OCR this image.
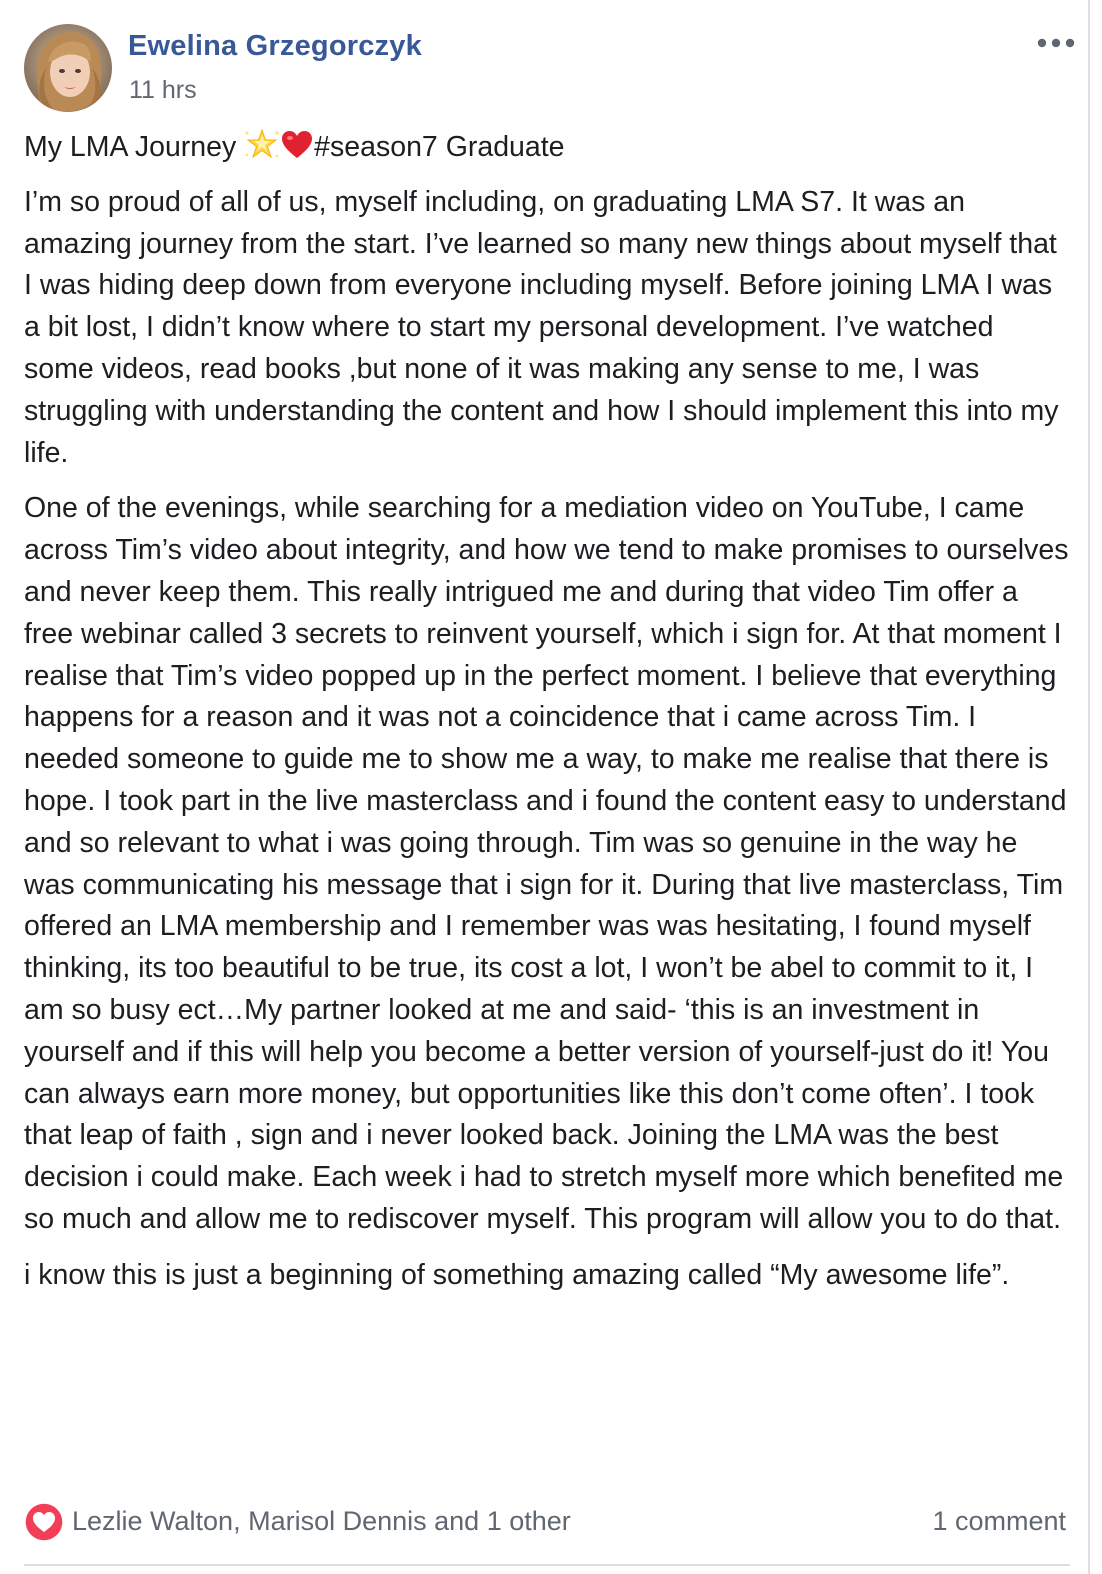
Ewelina Grzegorczyk
11 hrs

My LMA Journey #season7 Graduate

I’m so proud of all of us, myself including, on graduating LMA S7. It was an amazing journey from the start. I’ve learned so many new things about myself that I was hiding deep down from everyone including myself. Before joining LMA I was a bit lost, I didn’t know where to start my personal development. I’ve watched some videos, read books ,but none of it was making any sense to me, I was struggling with understanding the content and how I should implement this into my life.

One of the evenings, while searching for a mediation video on YouTube, I came across Tim’s video about integrity, and how we tend to make promises to ourselves and never keep them. This really intrigued me and during that video Tim offer a free webinar called 3 secrets to reinvent yourself, which i sign for. At that moment I realise that Tim’s video popped up in the perfect moment. I believe that everything happens for a reason and it was not a coincidence that i came across Tim. I needed someone to guide me to show me a way, to make me realise that there is hope. I took part in the live masterclass and i found the content easy to understand and so relevant to what i was going through. Tim was so genuine in the way he was communicating his message that i sign for it. During that live masterclass, Tim offered an LMA membership and I remember was was hesitating, I found myself thinking, its too beautiful to be true, its cost a lot, I won’t be abel to commit to it, I am so busy ect…My partner looked at me and said- ‘this is an investment in yourself and if this will help you become a better version of yourself-just do it! You can always earn more money, but opportunities like this don’t come often’. I took that leap of faith , sign and i never looked back. Joining the LMA was the best decision i could make. Each week i had to stretch myself more which benefited me so much and allow me to rediscover myself. This program will allow you to do that.

i know this is just a beginning of something amazing called “My awesome life”.

Lezlie Walton, Marisol Dennis and 1 other	1 comment
